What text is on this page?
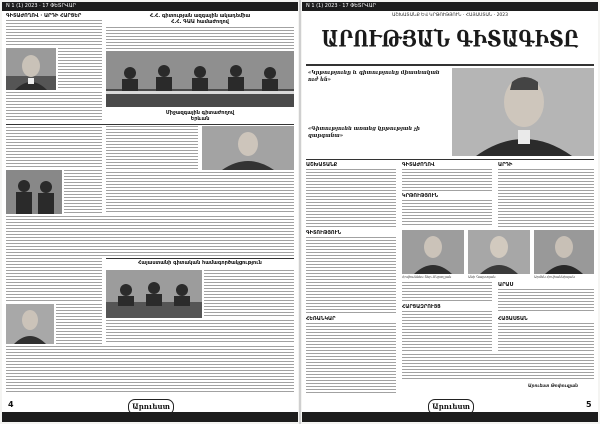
N 1 (1) 2023 · 17 ՓԵՏՐՎԱՐ
ԳԻՏԱԺՈՂՈՎ · ԱՐԴԻ ՀԱՐՑԵՐ	Հ.Հ. գիտության ազգային ակադեմիա
Հ.Հ. ԳԱԱ համաժողով
Միջազգային գիտաժողով
Երևան
Հայաստանի գիտական համագործակցություն
4	Արուեստ
N 1 (1) 2023 · 17 ՓԵՏՐՎԱՐ
ԱՇԽԱՏԱՆՔ ԵՎ ԿՐԹՈՒԹՅՈՒՆ · ՀԱՅԱՍՏԱՆ · 2023
ԱՐՈՒԹՅԱՆ ԳԻՏԱԳԻՏԸ
«Կրթությունը և գիտությունը միասնական ուժ են»
«Գիտությունն առանց կրթության չի զարգանա»
ԱՇԽԱՏԱՆՔ	ԳԻՏԱԺՈՂՈՎ
ԿՐԹՈՒԹՅՈՒՆ
ԱՐԴԻ
Հովհաննես Տեր-Մկրտչյան	Անի Գալստյան	Արմեն Հովհաննիսյան
ԳԻՏՈՒԹՅՈՒՆ
ՀԱՐՑԱԶՐՈՒՅՑ
ԱՐԱՍ
ՀԱՅԱՍՏԱՆ
ՀԵՌԱՆԿԱՐ
Արուեստ Թոփուզյան
Արուեստ	5
